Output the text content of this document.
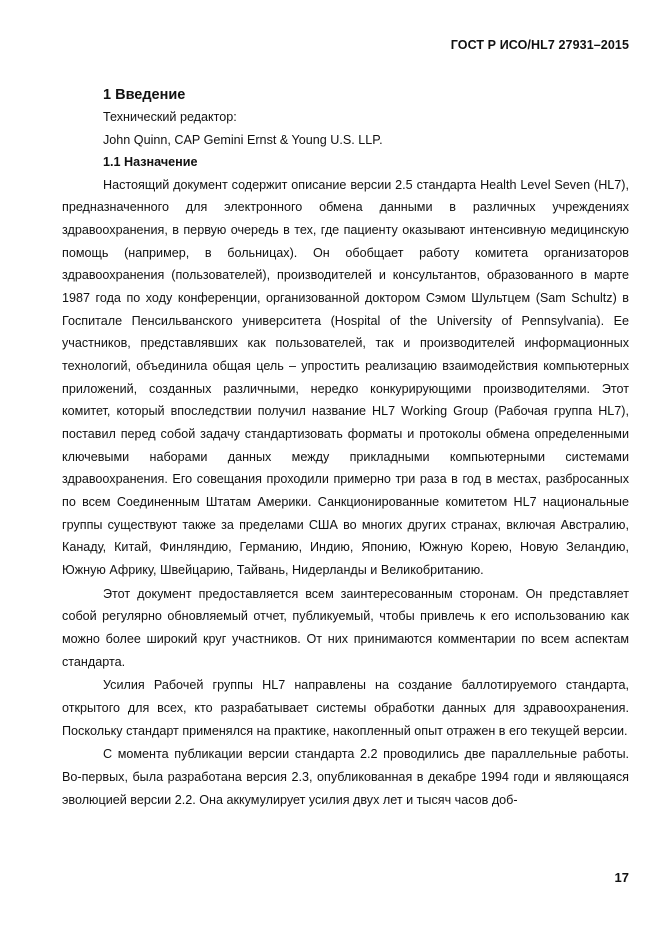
ГОСТ Р ИСО/HL7 27931–2015
1 Введение

Технический редактор:

John Quinn, CAP Gemini Ernst & Young U.S. LLP.

1.1 Назначение

Настоящий документ содержит описание версии 2.5 стандарта Health Level Seven (HL7), предназначенного для электронного обмена данными в различных учреждениях здравоохранения, в первую очередь в тех, где пациенту оказывают интенсивную медицинскую помощь (например, в больницах). Он обобщает работу комитета организаторов здравоохранения (пользователей), производителей и консультантов, образованного в марте 1987 года по ходу конференции, организованной доктором Сэмом Шультцем (Sam Schultz) в Госпитале Пенсильванского университета (Hospital of the University of Pennsylvania). Ее участников, представлявших как пользователей, так и производителей информационных технологий, объединила общая цель – упростить реализацию взаимодействия компьютерных приложений, созданных различными, нередко конкурирующими производителями. Этот комитет, который впоследствии получил название HL7 Working Group (Рабочая группа HL7), поставил перед собой задачу стандартизовать форматы и протоколы обмена определенными ключевыми наборами данных между прикладными компьютерными системами здравоохранения. Его совещания проходили примерно три раза в год в местах, разбросанных по всем Соединенным Штатам Америки. Санкционированные комитетом HL7 национальные группы существуют также за пределами США во многих других странах, включая Австралию, Канаду, Китай, Финляндию, Германию, Индию, Японию, Южную Корею, Новую Зеландию, Южную Африку, Швейцарию, Тайвань, Нидерланды и Великобританию.

Этот документ предоставляется всем заинтересованным сторонам. Он представляет собой регулярно обновляемый отчет, публикуемый, чтобы привлечь к его использованию как можно более широкий круг участников. От них принимаются комментарии по всем аспектам стандарта.

Усилия Рабочей группы HL7 направлены на создание баллотируемого стандарта, открытого для всех, кто разрабатывает системы обработки данных для здравоохранения. Поскольку стандарт применялся на практике, накопленный опыт отражен в его текущей версии.

С момента публикации версии стандарта 2.2 проводились две параллельные работы. Во-первых, была разработана версия 2.3, опубликованная в декабре 1994 годи и являющаяся эволюцией версии 2.2. Она аккумулирует усилия двух лет и тысяч часов доб-

17
